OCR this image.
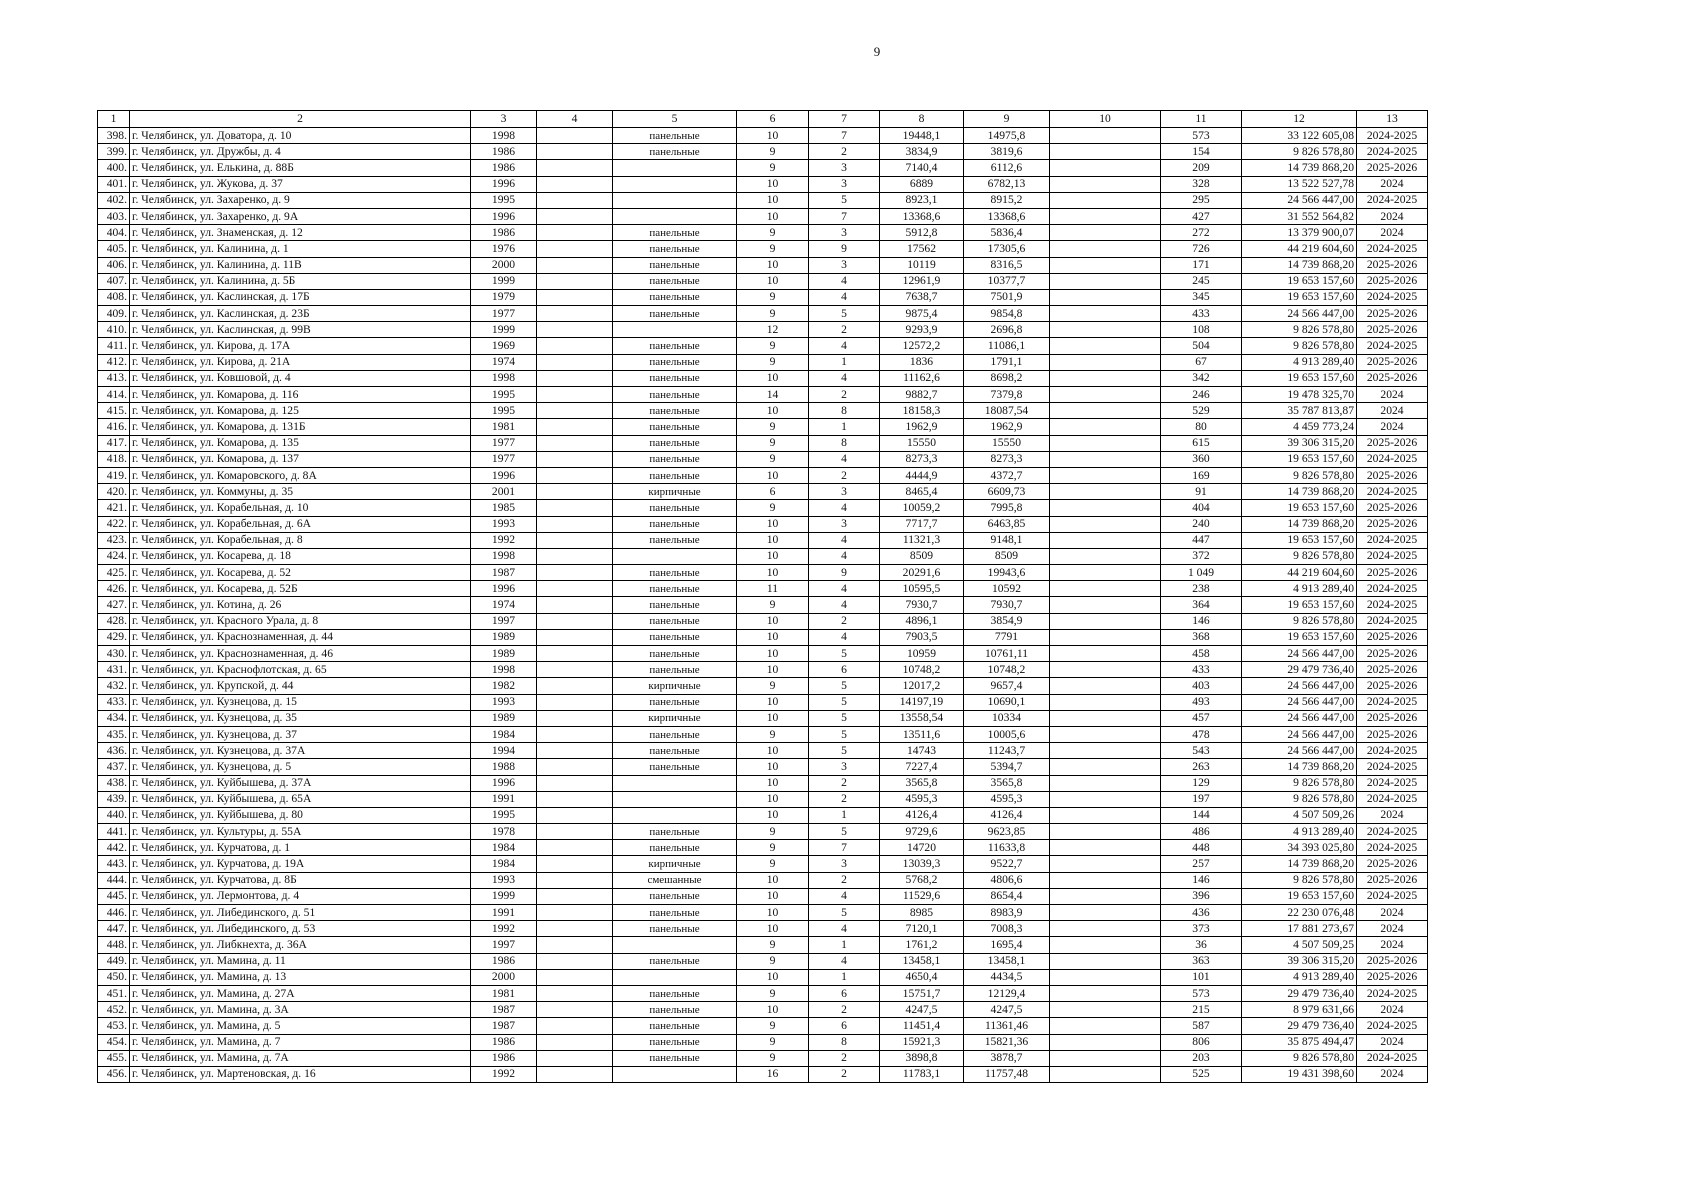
9
1	2	3	4	5	6	7	8	9	10	11	12	13
398.	г. Челябинск, ул. Доватора, д. 10	1998		панельные	10	7	19448,1	14975,8		573	33 122 605,08	2024-2025
399.	г. Челябинск, ул. Дружбы, д. 4	1986		панельные	9	2	3834,9	3819,6		154	9 826 578,80	2024-2025
400.	г. Челябинск, ул. Елькина, д. 88Б	1986			9	3	7140,4	6112,6		209	14 739 868,20	2025-2026
401.	г. Челябинск, ул. Жукова, д. 37	1996			10	3	6889	6782,13		328	13 522 527,78	2024
402.	г. Челябинск, ул. Захаренко, д. 9	1995			10	5	8923,1	8915,2		295	24 566 447,00	2024-2025
403.	г. Челябинск, ул. Захаренко, д. 9А	1996			10	7	13368,6	13368,6		427	31 552 564,82	2024
404.	г. Челябинск, ул. Знаменская, д. 12	1986		панельные	9	3	5912,8	5836,4		272	13 379 900,07	2024
405.	г. Челябинск, ул. Калинина, д. 1	1976		панельные	9	9	17562	17305,6		726	44 219 604,60	2024-2025
406.	г. Челябинск, ул. Калинина, д. 11В	2000		панельные	10	3	10119	8316,5		171	14 739 868,20	2025-2026
407.	г. Челябинск, ул. Калинина, д. 5Б	1999		панельные	10	4	12961,9	10377,7		245	19 653 157,60	2025-2026
408.	г. Челябинск, ул. Каслинская, д. 17Б	1979		панельные	9	4	7638,7	7501,9		345	19 653 157,60	2024-2025
409.	г. Челябинск, ул. Каслинская, д. 23Б	1977		панельные	9	5	9875,4	9854,8		433	24 566 447,00	2025-2026
410.	г. Челябинск, ул. Каслинская, д. 99В	1999			12	2	9293,9	2696,8		108	9 826 578,80	2025-2026
411.	г. Челябинск, ул. Кирова, д. 17А	1969		панельные	9	4	12572,2	11086,1		504	9 826 578,80	2024-2025
412.	г. Челябинск, ул. Кирова, д. 21А	1974		панельные	9	1	1836	1791,1		67	4 913 289,40	2025-2026
413.	г. Челябинск, ул. Ковшовой, д. 4	1998		панельные	10	4	11162,6	8698,2		342	19 653 157,60	2025-2026
414.	г. Челябинск, ул. Комарова, д. 116	1995		панельные	14	2	9882,7	7379,8		246	19 478 325,70	2024
415.	г. Челябинск, ул. Комарова, д. 125	1995		панельные	10	8	18158,3	18087,54		529	35 787 813,87	2024
416.	г. Челябинск, ул. Комарова, д. 131Б	1981		панельные	9	1	1962,9	1962,9		80	4 459 773,24	2024
417.	г. Челябинск, ул. Комарова, д. 135	1977		панельные	9	8	15550	15550		615	39 306 315,20	2025-2026
418.	г. Челябинск, ул. Комарова, д. 137	1977		панельные	9	4	8273,3	8273,3		360	19 653 157,60	2024-2025
419.	г. Челябинск, ул. Комаровского, д. 8А	1996		панельные	10	2	4444,9	4372,7		169	9 826 578,80	2025-2026
420.	г. Челябинск, ул. Коммуны, д. 35	2001		кирпичные	6	3	8465,4	6609,73		91	14 739 868,20	2024-2025
421.	г. Челябинск, ул. Корабельная, д. 10	1985		панельные	9	4	10059,2	7995,8		404	19 653 157,60	2025-2026
422.	г. Челябинск, ул. Корабельная, д. 6А	1993		панельные	10	3	7717,7	6463,85		240	14 739 868,20	2025-2026
423.	г. Челябинск, ул. Корабельная, д. 8	1992		панельные	10	4	11321,3	9148,1		447	19 653 157,60	2024-2025
424.	г. Челябинск, ул. Косарева, д. 18	1998			10	4	8509	8509		372	9 826 578,80	2024-2025
425.	г. Челябинск, ул. Косарева, д. 52	1987		панельные	10	9	20291,6	19943,6		1 049	44 219 604,60	2025-2026
426.	г. Челябинск, ул. Косарева, д. 52Б	1996		панельные	11	4	10595,5	10592		238	4 913 289,40	2024-2025
427.	г. Челябинск, ул. Котина, д. 26	1974		панельные	9	4	7930,7	7930,7		364	19 653 157,60	2024-2025
428.	г. Челябинск, ул. Красного Урала, д. 8	1997		панельные	10	2	4896,1	3854,9		146	9 826 578,80	2024-2025
429.	г. Челябинск, ул. Краснознаменная, д. 44	1989		панельные	10	4	7903,5	7791		368	19 653 157,60	2025-2026
430.	г. Челябинск, ул. Краснознаменная, д. 46	1989		панельные	10	5	10959	10761,11		458	24 566 447,00	2025-2026
431.	г. Челябинск, ул. Краснофлотская, д. 65	1998		панельные	10	6	10748,2	10748,2		433	29 479 736,40	2025-2026
432.	г. Челябинск, ул. Крупской, д. 44	1982		кирпичные	9	5	12017,2	9657,4		403	24 566 447,00	2025-2026
433.	г. Челябинск, ул. Кузнецова, д. 15	1993		панельные	10	5	14197,19	10690,1		493	24 566 447,00	2024-2025
434.	г. Челябинск, ул. Кузнецова, д. 35	1989		кирпичные	10	5	13558,54	10334		457	24 566 447,00	2025-2026
435.	г. Челябинск, ул. Кузнецова, д. 37	1984		панельные	9	5	13511,6	10005,6		478	24 566 447,00	2025-2026
436.	г. Челябинск, ул. Кузнецова, д. 37А	1994		панельные	10	5	14743	11243,7		543	24 566 447,00	2024-2025
437.	г. Челябинск, ул. Кузнецова, д. 5	1988		панельные	10	3	7227,4	5394,7		263	14 739 868,20	2024-2025
438.	г. Челябинск, ул. Куйбышева, д. 37А	1996			10	2	3565,8	3565,8		129	9 826 578,80	2024-2025
439.	г. Челябинск, ул. Куйбышева, д. 65А	1991			10	2	4595,3	4595,3		197	9 826 578,80	2024-2025
440.	г. Челябинск, ул. Куйбышева, д. 80	1995			10	1	4126,4	4126,4		144	4 507 509,26	2024
441.	г. Челябинск, ул. Культуры, д. 55А	1978		панельные	9	5	9729,6	9623,85		486	4 913 289,40	2024-2025
442.	г. Челябинск, ул. Курчатова, д. 1	1984		панельные	9	7	14720	11633,8		448	34 393 025,80	2024-2025
443.	г. Челябинск, ул. Курчатова, д. 19А	1984		кирпичные	9	3	13039,3	9522,7		257	14 739 868,20	2025-2026
444.	г. Челябинск, ул. Курчатова, д. 8Б	1993		смешанные	10	2	5768,2	4806,6		146	9 826 578,80	2025-2026
445.	г. Челябинск, ул. Лермонтова, д. 4	1999		панельные	10	4	11529,6	8654,4		396	19 653 157,60	2024-2025
446.	г. Челябинск, ул. Либединского, д. 51	1991		панельные	10	5	8985	8983,9		436	22 230 076,48	2024
447.	г. Челябинск, ул. Либединского, д. 53	1992		панельные	10	4	7120,1	7008,3		373	17 881 273,67	2024
448.	г. Челябинск, ул. Либкнехта, д. 36А	1997			9	1	1761,2	1695,4		36	4 507 509,25	2024
449.	г. Челябинск, ул. Мамина, д. 11	1986		панельные	9	4	13458,1	13458,1		363	39 306 315,20	2025-2026
450.	г. Челябинск, ул. Мамина, д. 13	2000			10	1	4650,4	4434,5		101	4 913 289,40	2025-2026
451.	г. Челябинск, ул. Мамина, д. 27А	1981		панельные	9	6	15751,7	12129,4		573	29 479 736,40	2024-2025
452.	г. Челябинск, ул. Мамина, д. 3А	1987		панельные	10	2	4247,5	4247,5		215	8 979 631,66	2024
453.	г. Челябинск, ул. Мамина, д. 5	1987		панельные	9	6	11451,4	11361,46		587	29 479 736,40	2024-2025
454.	г. Челябинск, ул. Мамина, д. 7	1986		панельные	9	8	15921,3	15821,36		806	35 875 494,47	2024
455.	г. Челябинск, ул. Мамина, д. 7А	1986		панельные	9	2	3898,8	3878,7		203	9 826 578,80	2024-2025
456.	г. Челябинск, ул. Мартеновская, д. 16	1992			16	2	11783,1	11757,48		525	19 431 398,60	2024
